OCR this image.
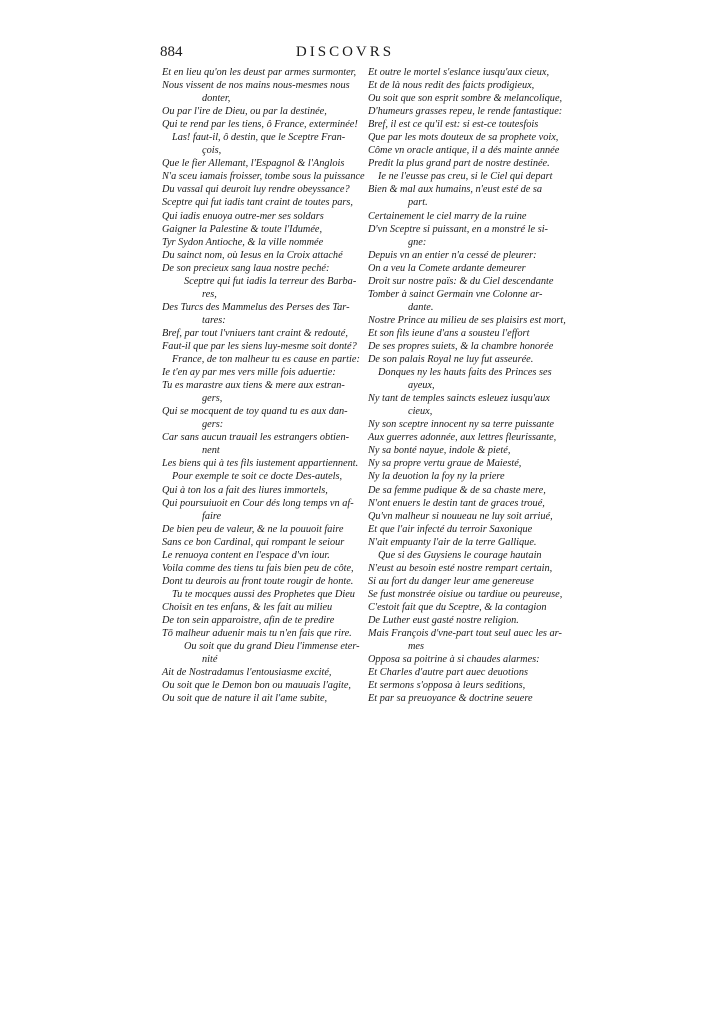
884	DISCOVRS
Et en lieu qu'on les deust par armes surmonter,
Nous vissent de nos mains nous-mesmes nous
donter,
Ou par l'ire de Dieu, ou par la destinée,
Qui te rend par les tiens, ô France, exterminée!
Las! faut-il, ô destin, que le Sceptre Fran-
çois,
Que le fier Allemant, l'Espagnol & l'Anglois
N'a sceu iamais froisser, tombe sous la puissance
Du vassal qui deuroit luy rendre obeyssance?
Sceptre qui fut iadis tant craint de toutes pars,
Qui iadis enuoya outre-mer ses soldars
Gaigner la Palestine & toute l'Idumée,
Tyr Sydon Antioche, & la ville nommée
Du sainct nom, où Iesus en la Croix attaché
De son precieux sang laua nostre peché:
Sceptre qui fut iadis la terreur des Barba-
res,
Des Turcs des Mammelus des Perses des Tar-
tares:
Bref, par tout l'vniuers tant craint & redouté,
Faut-il que par les siens luy-mesme soit donté?
France, de ton malheur tu es cause en partie:
Ie t'en ay par mes vers mille fois aduertie:
Tu es marastre aux tiens & mere aux estran-
gers,
Qui se mocquent de toy quand tu es aux dan-
gers:
Car sans aucun trauail les estrangers obtien-
nent
Les biens qui à tes fils iustement appartiennent.
Pour exemple te soit ce docte Des-autels,
Qui à ton los a fait des liures immortels,
Qui poursuiuoit en Cour dés long temps vn af-
faire
De bien peu de valeur, & ne la pouuoit faire
Sans ce bon Cardinal, qui rompant le seiour
Le renuoya content en l'espace d'vn iour.
Voila comme des tiens tu fais bien peu de côte,
Dont tu deurois au front toute rougir de honte.
Tu te mocques aussi des Prophetes que Dieu
Choisit en tes enfans, & les fait au milieu
De ton sein apparoistre, afin de te predire
Tō malheur aduenir mais tu n'en fais que rire.
Ou soit que du grand Dieu l'immense eter-
nité
Ait de Nostradamus l'entousiasme excité,
Ou soit que le Demon bon ou mauuais l'agite,
Ou soit que de nature il ait l'ame subite,
Et outre le mortel s'eslance iusqu'aux cieux,
Et de là nous redit des faicts prodigieux,
Ou soit que son esprit sombre & melancolique,
D'humeurs grasses repeu, le rende fantastique:
Bref, il est ce qu'il est: si est-ce toutesfois
Que par les mots douteux de sa prophete voix,
Côme vn oracle antique, il a dés mainte année
Predit la plus grand part de nostre destinée.
Ie ne l'eusse pas creu, si le Ciel qui depart
Bien & mal aux humains, n'eust esté de sa
part.
Certainement le ciel marry de la ruine
D'vn Sceptre si puissant, en a monstré le si-
gne:
Depuis vn an entier n'a cessé de pleurer:
On a veu la Comete ardante demeurer
Droit sur nostre païs: & du Ciel descendante
Tomber à sainct Germain vne Colonne ar-
dante.
Nostre Prince au milieu de ses plaisirs est mort,
Et son fils ieune d'ans a sousteu l'effort
De ses propres suiets, & la chambre honorée
De son palais Royal ne luy fut asseurée.
Donques ny les hauts faits des Princes ses
ayeux,
Ny tant de temples saincts esleuez iusqu'aux
cieux,
Ny son sceptre innocent ny sa terre puissante
Aux guerres adonnée, aux lettres fleurissante,
Ny sa bonté nayue, indole & pieté,
Ny sa propre vertu graue de Maiesté,
Ny la deuotion la foy ny la priere
De sa femme pudique & de sa chaste mere,
N'ont enuers le destin tant de graces troué,
Qu'vn malheur si nouueau ne luy soit arriué,
Et que l'air infecté du terroir Saxonique
N'ait empuanty l'air de la terre Gallique.
Que si des Guysiens le courage hautain
N'eust au besoin esté nostre rempart certain,
Si au fort du danger leur ame genereuse
Se fust monstrée oisiue ou tardiue ou peureuse,
C'estoit fait que du Sceptre, & la contagion
De Luther eust gasté nostre religion.
Mais François d'vne-part tout seul auec les ar-
mes
Opposa sa poitrine à si chaudes alarmes:
Et Charles d'autre part auec deuotions
Et sermons s'opposa à leurs seditions,
Et par sa preuoyance & doctrine seuere
